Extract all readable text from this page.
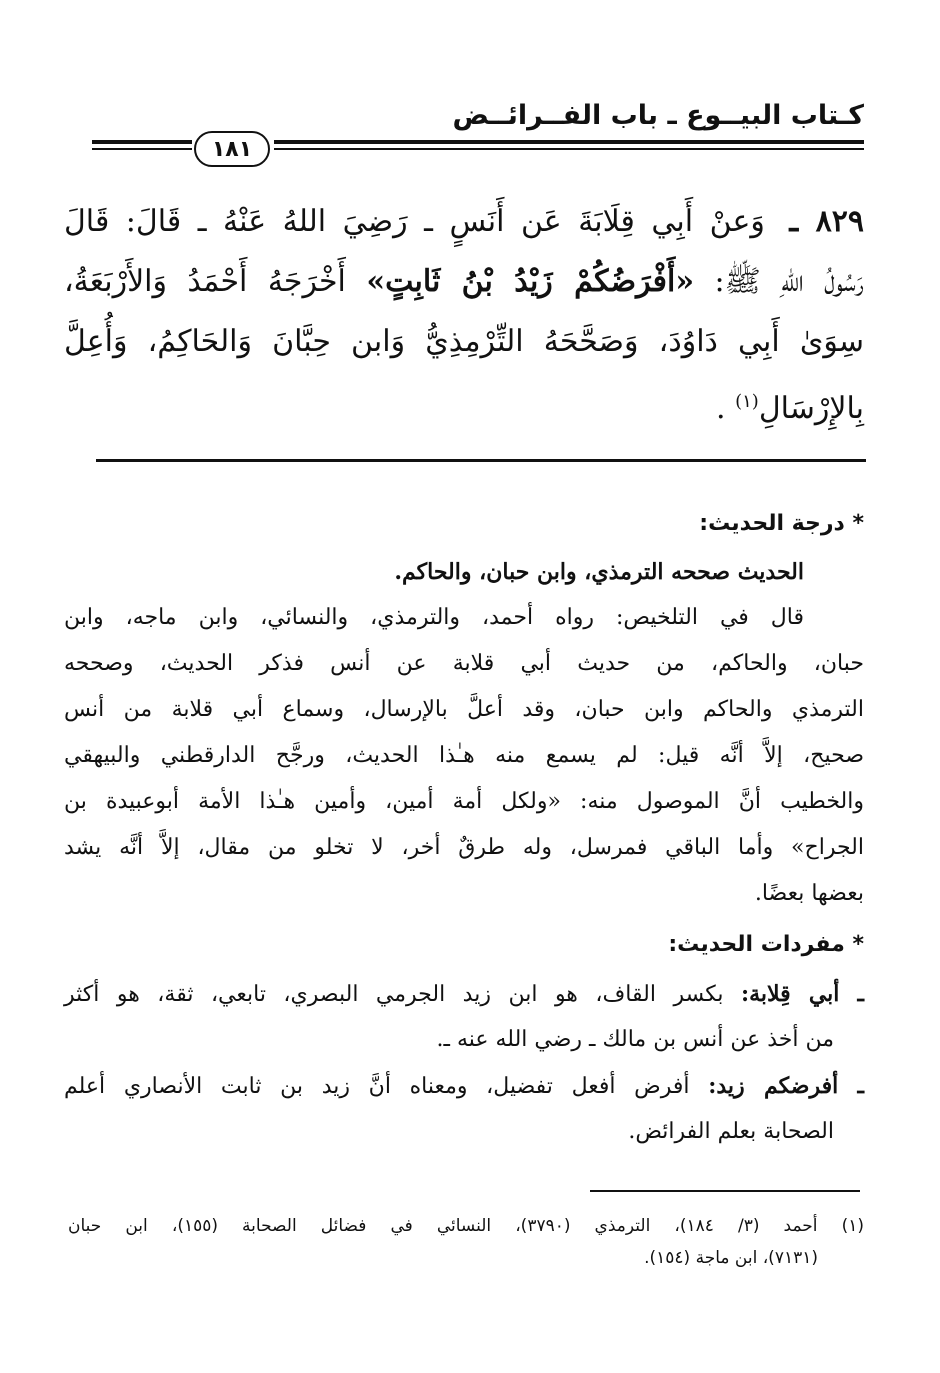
كـتاب البيــوع ـ باب الفــرائــض
١٨١
٨٢٩ ـ وَعنْ أَبِي قِلَابَةَ عَن أَنَسٍ ـ رَضِيَ اللهُ عَنْهُ ـ قَالَ: قَالَ
رَسُولُ اللهِ ﷺ: «أَفْرَضُكُمْ زَيْدُ بْنُ ثَابِتٍ» أَخْرَجَهُ أَحْمَدُ وَالأَرْبَعَةُ،
سِوَىٰ أَبِي دَاوُدَ، وَصَحَّحَهُ التِّرْمِذِيُّ وَابن حِبَّانَ وَالحَاكِمُ، وَأُعِلَّ
بِالإِرْسَالِ$^{(١)}$ .
* درجة الحديث:
الحديث صححه الترمذي، وابن حبان، والحاكم.
قال في التلخيص: رواه أحمد، والترمذي، والنسائي، وابن ماجه، وابن
حبان، والحاكم، من حديث أبي قلابة عن أنس فذكر الحديث، وصححه
الترمذي والحاكم وابن حبان، وقد أعلَّ بالإرسال، وسماع أبي قلابة من أنس
صحيح، إلاَّ أنَّه قيل: لم يسمع منه هـٰذا الحديث، ورجَّح الدارقطني والبيهقي
والخطيب أنَّ الموصول منه: «ولكل أمة أمين، وأمين هـٰذا الأمة أبوعبيدة بن
الجراح» وأما الباقي فمرسل، وله طرقٌ أخر، لا تخلو من مقال، إلاَّ أنَّه يشد
بعضها بعضًا.
* مفردات الحديث:
ـ أبي قِلابة: بكسر القاف، هو ابن زيد الجرمي البصري، تابعي، ثقة، هو أكثر
من أخذ عن أنس بن مالك ـ رضي الله عنه ـ.
ـ أفرضكم زيد: أفرض أفعل تفضيل، ومعناه أنَّ زيد بن ثابت الأنصاري أعلم
الصحابة بعلم الفرائض.
(١) أحمد (٣/ ١٨٤)، الترمذي (٣٧٩٠)، النسائي في فضائل الصحابة (١٥٥)، ابن حبان
(٧١٣١)، ابن ماجة (١٥٤).
